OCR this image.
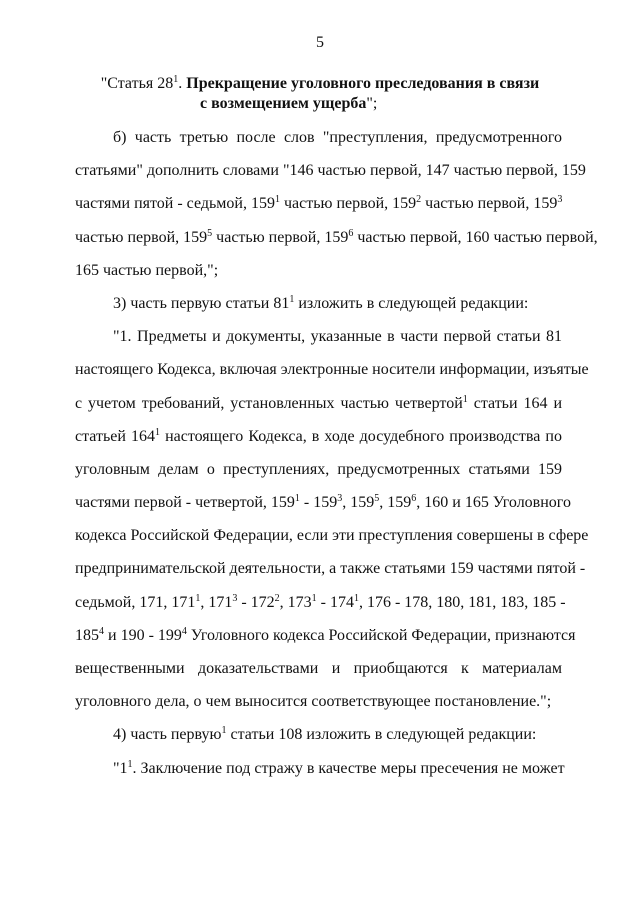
5
"Статья $28^1$. Прекращение уголовного преследования в связи
с возмещением ущерба";
б) часть третью после слов "преступления, предусмотренного
статьями" дополнить словами "146 частью первой, 147 частью первой, 159
частями пятой - седьмой, $159^1$ частью первой, $159^2$ частью первой, $159^3$
частью первой, $159^5$ частью первой, $159^6$ частью первой, 160 частью первой,
165 частью первой,";
3) часть первую статьи $81^1$ изложить в следующей редакции:
"1. Предметы и документы, указанные в части первой статьи 81
настоящего Кодекса, включая электронные носители информации, изъятые
с учетом требований, установленных частью четвертой$^1$ статьи 164 и
статьей $164^1$ настоящего Кодекса, в ходе досудебного производства по
уголовным делам о преступлениях, предусмотренных статьями 159
частями первой - четвертой, $159^1 - 159^3$, $159^5$, $159^6$, 160 и 165 Уголовного
кодекса Российской Федерации, если эти преступления совершены в сфере
предпринимательской деятельности, а также статьями 159 частями пятой -
седьмой, 171, $171^1$, $171^3 - 172^2$, $173^1 - 174^1$, 176 - 178, 180, 181, 183, 185 -
$185^4$ и $190 - 199^4$ Уголовного кодекса Российской Федерации, признаются
вещественными доказательствами и приобщаются к материалам
уголовного дела, о чем выносится соответствующее постановление.";
4) часть первую$^1$ статьи 108 изложить в следующей редакции:
"$1^1$. Заключение под стражу в качестве меры пресечения не может
